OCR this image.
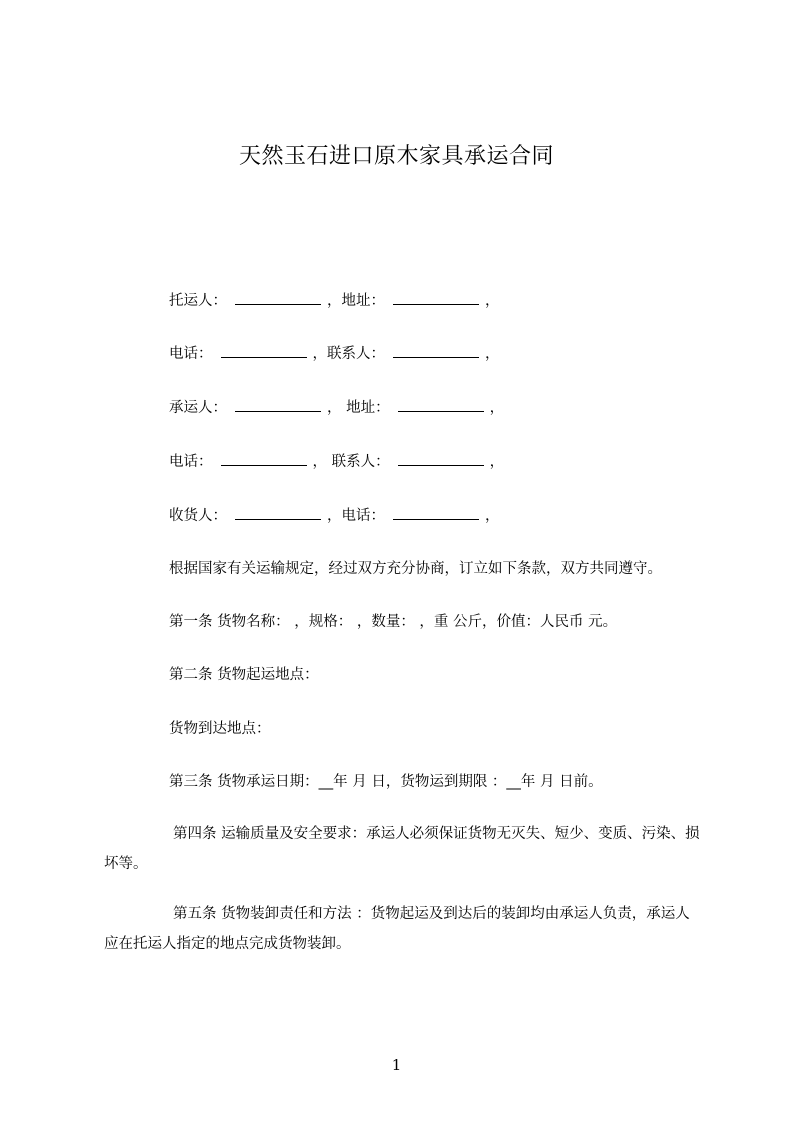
天然玉石进口原木家具承运合同

托运人：	，地址：	，

电话：	，联系人：	，

承运人：	， 地址：	，

电话：	， 联系人：	，

收货人：	，电话：	，

根据国家有关运输规定，经过双方充分协商，订立如下条款，双方共同遵守。

第一条 货物名称： ，规格： ，数量： ，重 公斤，价值：人民币 元。

第二条 货物起运地点：

货物到达地点：

第三条 货物承运日期：__年 月 日，货物运到期限 ：__年 月 日前。

第四条 运输质量及安全要求：承运人必须保证货物无灭失、短少、变质、污染、损坏等。

第五条 货物装卸责任和方法 ：货物起运及到达后的装卸均由承运人负责，承运人应在托运人指定的地点完成货物装卸。

1
